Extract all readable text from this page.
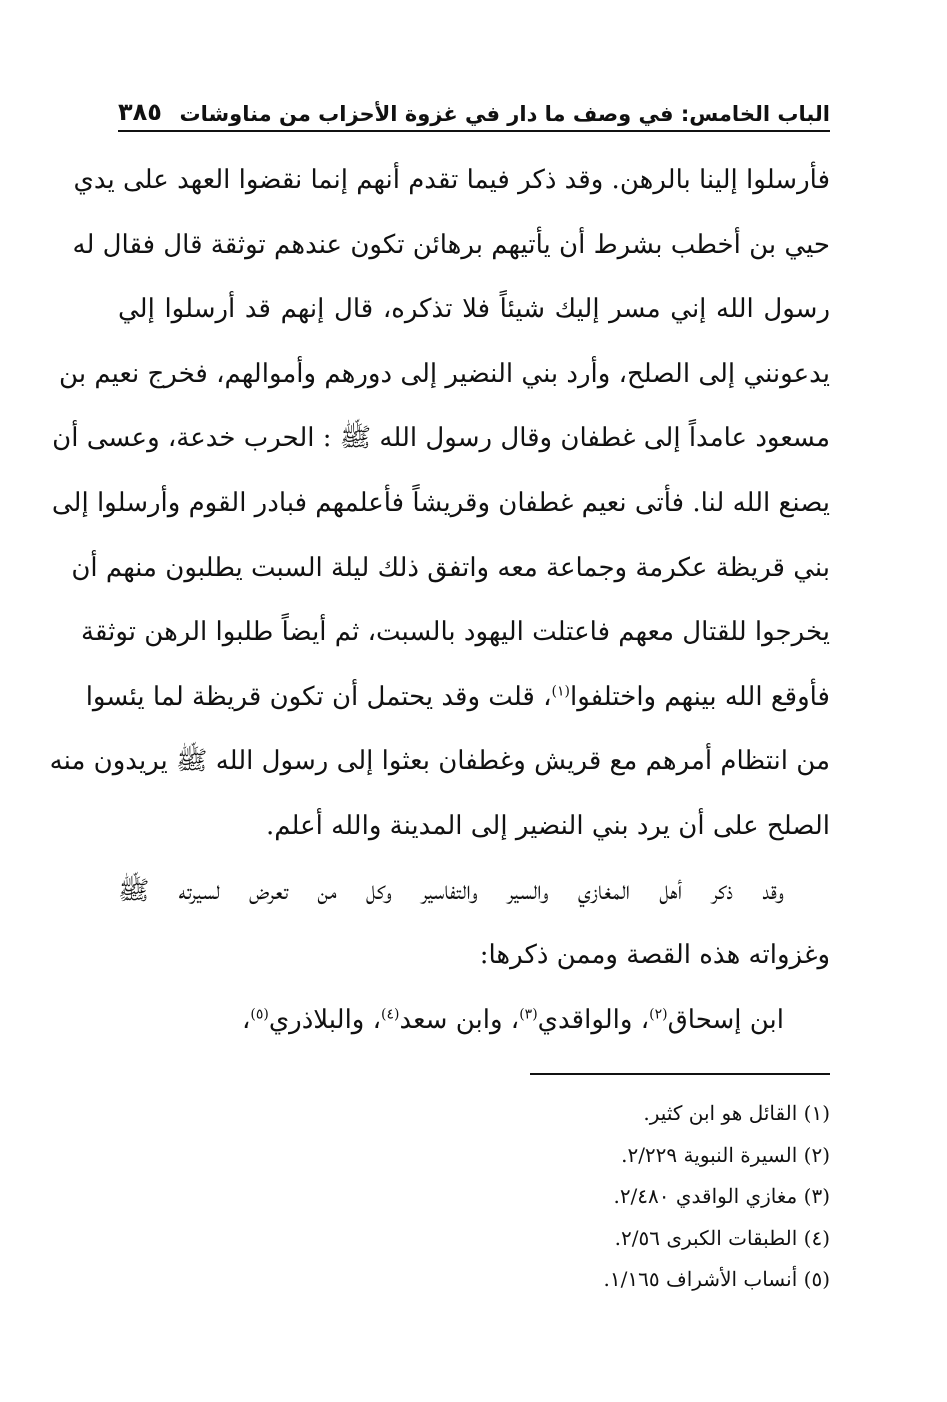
الباب الخامس: في وصف ما دار في غزوة الأحزاب من مناوشات
٣٨٥
فأرسلوا إلينا بالرهن. وقد ذكر فيما تقدم أنهم إنما نقضوا العهد على يدي
حيي بن أخطب بشرط أن يأتيهم برهائن تكون عندهم توثقة قال فقال له
رسول الله إني مسر إليك شيئاً فلا تذكره، قال إنهم قد أرسلوا إلي
يدعونني إلى الصلح، وأرد بني النضير إلى دورهم وأموالهم، فخرج نعيم بن
مسعود عامداً إلى غطفان وقال رسول الله ﷺ : الحرب خدعة، وعسى أن
يصنع الله لنا. فأتى نعيم غطفان وقريشاً فأعلمهم فبادر القوم وأرسلوا إلى
بني قريظة عكرمة وجماعة معه واتفق ذلك ليلة السبت يطلبون منهم أن
يخرجوا للقتال معهم فاعتلت اليهود بالسبت، ثم أيضاً طلبوا الرهن توثقة
فأوقع الله بينهم واختلفوا$^{(١)}$، قلت وقد يحتمل أن تكون قريظة لما يئسوا
من انتظام أمرهم مع قريش وغطفان بعثوا إلى رسول الله ﷺ يريدون منه
الصلح على أن يرد بني النضير إلى المدينة والله أعلم.
وقد ذكر أهل المغازي والسير والتفاسير وكل من تعرض لسيرته ﷺ
وغزواته هذه القصة وممن ذكرها:
ابن إسحاق$^{(٢)}$، والواقدي$^{(٣)}$، وابن سعد$^{(٤)}$، والبلاذري$^{(٥)}$،
(١) القائل هو ابن كثير.
(٢) السيرة النبوية ٢/٢٢٩.
(٣) مغازي الواقدي ٢/٤٨٠.
(٤) الطبقات الكبرى ٢/٥٦.
(٥) أنساب الأشراف ١/١٦٥.
